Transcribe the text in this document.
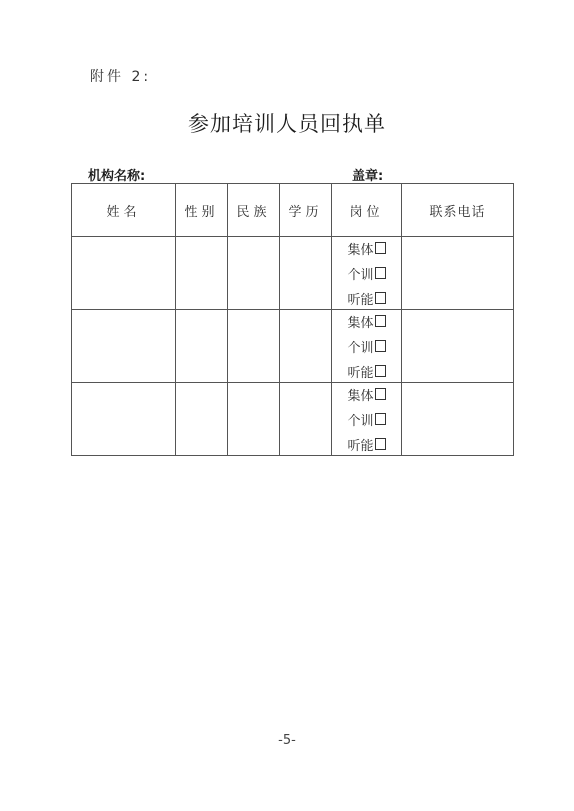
附件 2:
参加培训人员回执单
机构名称:	盖章:
姓名	性别	民族	学历	岗位	联系电话

				集体
个训
听能	

				集体
个训
听能	

				集体
个训
听能	

-5-
